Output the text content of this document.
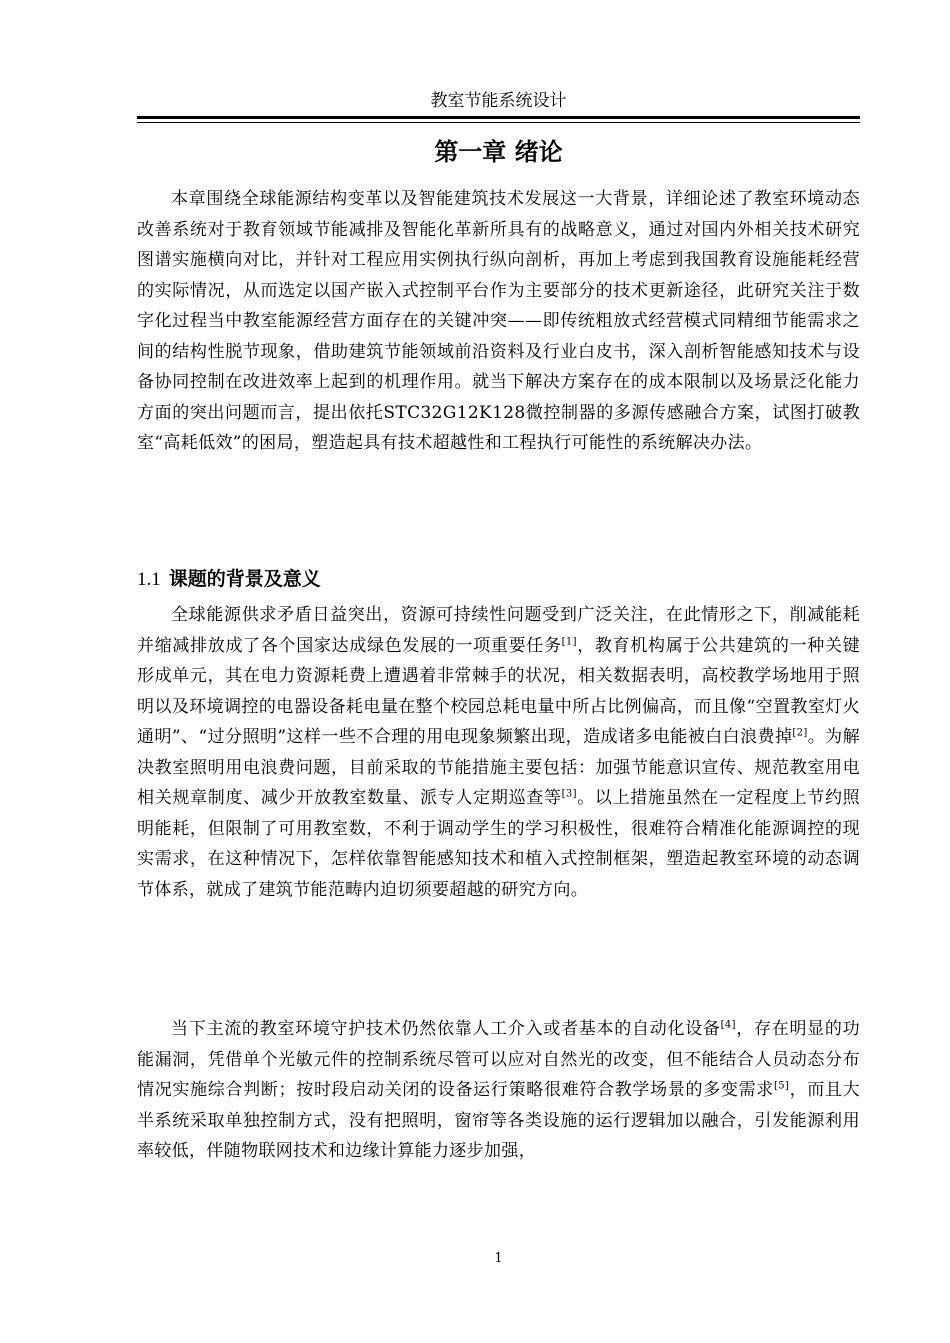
教室节能系统设计
第一章 绪论

本章围绕全球能源结构变革以及智能建筑技术发展这一大背景，详细论述了教室环境动态改善系统对于教育领域节能减排及智能化革新所具有的战略意义，通过对国内外相关技术研究图谱实施横向对比，并针对工程应用实例执行纵向剖析，再加上考虑到我国教育设施能耗经营的实际情况，从而选定以国产嵌入式控制平台作为主要部分的技术更新途径，此研究关注于数字化过程当中教室能源经营方面存在的关键冲突——即传统粗放式经营模式同精细节能需求之间的结构性脱节现象，借助建筑节能领域前沿资料及行业白皮书，深入剖析智能感知技术与设备协同控制在改进效率上起到的机理作用。就当下解决方案存在的成本限制以及场景泛化能力方面的突出问题而言，提出依托STC32G12K128微控制器的多源传感融合方案，试图打破教室“高耗低效”的困局，塑造起具有技术超越性和工程执行可能性的系统解决办法。

1.1 课题的背景及意义

全球能源供求矛盾日益突出，资源可持续性问题受到广泛关注，在此情形之下，削减能耗并缩减排放成了各个国家达成绿色发展的一项重要任务[1]，教育机构属于公共建筑的一种关键形成单元，其在电力资源耗费上遭遇着非常棘手的状况，相关数据表明，高校教学场地用于照明以及环境调控的电器设备耗电量在整个校园总耗电量中所占比例偏高，而且像“空置教室灯火通明”、“过分照明”这样一些不合理的用电现象频繁出现，造成诸多电能被白白浪费掉[2]。为解决教室照明用电浪费问题，目前采取的节能措施主要包括：加强节能意识宣传、规范教室用电相关规章制度、减少开放教室数量、派专人定期巡查等[3]。以上措施虽然在一定程度上节约照明能耗，但限制了可用教室数，不利于调动学生的学习积极性，很难符合精准化能源调控的现实需求，在这种情况下，怎样依靠智能感知技术和植入式控制框架，塑造起教室环境的动态调节体系，就成了建筑节能范畴内迫切须要超越的研究方向。

当下主流的教室环境守护技术仍然依靠人工介入或者基本的自动化设备[4]，存在明显的功能漏洞，凭借单个光敏元件的控制系统尽管可以应对自然光的改变，但不能结合人员动态分布情况实施综合判断；按时段启动关闭的设备运行策略很难符合教学场景的多变需求[5]，而且大半系统采取单独控制方式，没有把照明，窗帘等各类设施的运行逻辑加以融合，引发能源利用率较低，伴随物联网技术和边缘计算能力逐步加强，

1
